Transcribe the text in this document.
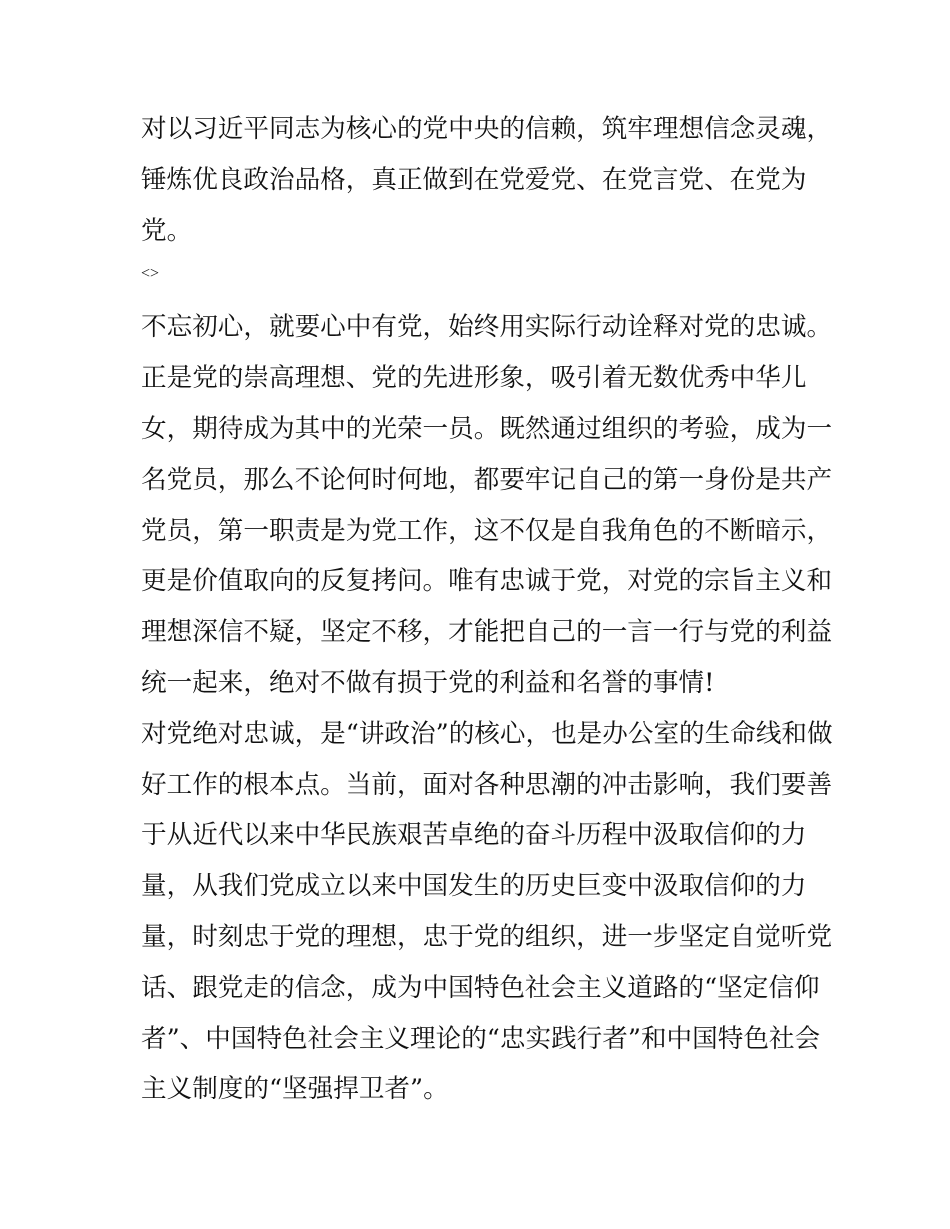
对以习近平同志为核心的党中央的信赖，筑牢理想信念灵魂，
锤炼优良政治品格，真正做到在党爱党、在党言党、在党为
党。

<>

不忘初心，就要心中有党，始终用实际行动诠释对党的忠诚。
正是党的崇高理想、党的先进形象，吸引着无数优秀中华儿
女，期待成为其中的光荣一员。既然通过组织的考验，成为一
名党员，那么不论何时何地，都要牢记自己的第一身份是共产
党员，第一职责是为党工作，这不仅是自我角色的不断暗示，
更是价值取向的反复拷问。唯有忠诚于党，对党的宗旨主义和
理想深信不疑，坚定不移，才能把自己的一言一行与党的利益
统一起来，绝对不做有损于党的利益和名誉的事情!

对党绝对忠诚，是“讲政治”的核心，也是办公室的生命线和做
好工作的根本点。当前，面对各种思潮的冲击影响，我们要善
于从近代以来中华民族艰苦卓绝的奋斗历程中汲取信仰的力
量，从我们党成立以来中国发生的历史巨变中汲取信仰的力
量，时刻忠于党的理想，忠于党的组织，进一步坚定自觉听党
话、跟党走的信念，成为中国特色社会主义道路的“坚定信仰
者”、中国特色社会主义理论的“忠实践行者”和中国特色社会
主义制度的“坚强捍卫者”。
